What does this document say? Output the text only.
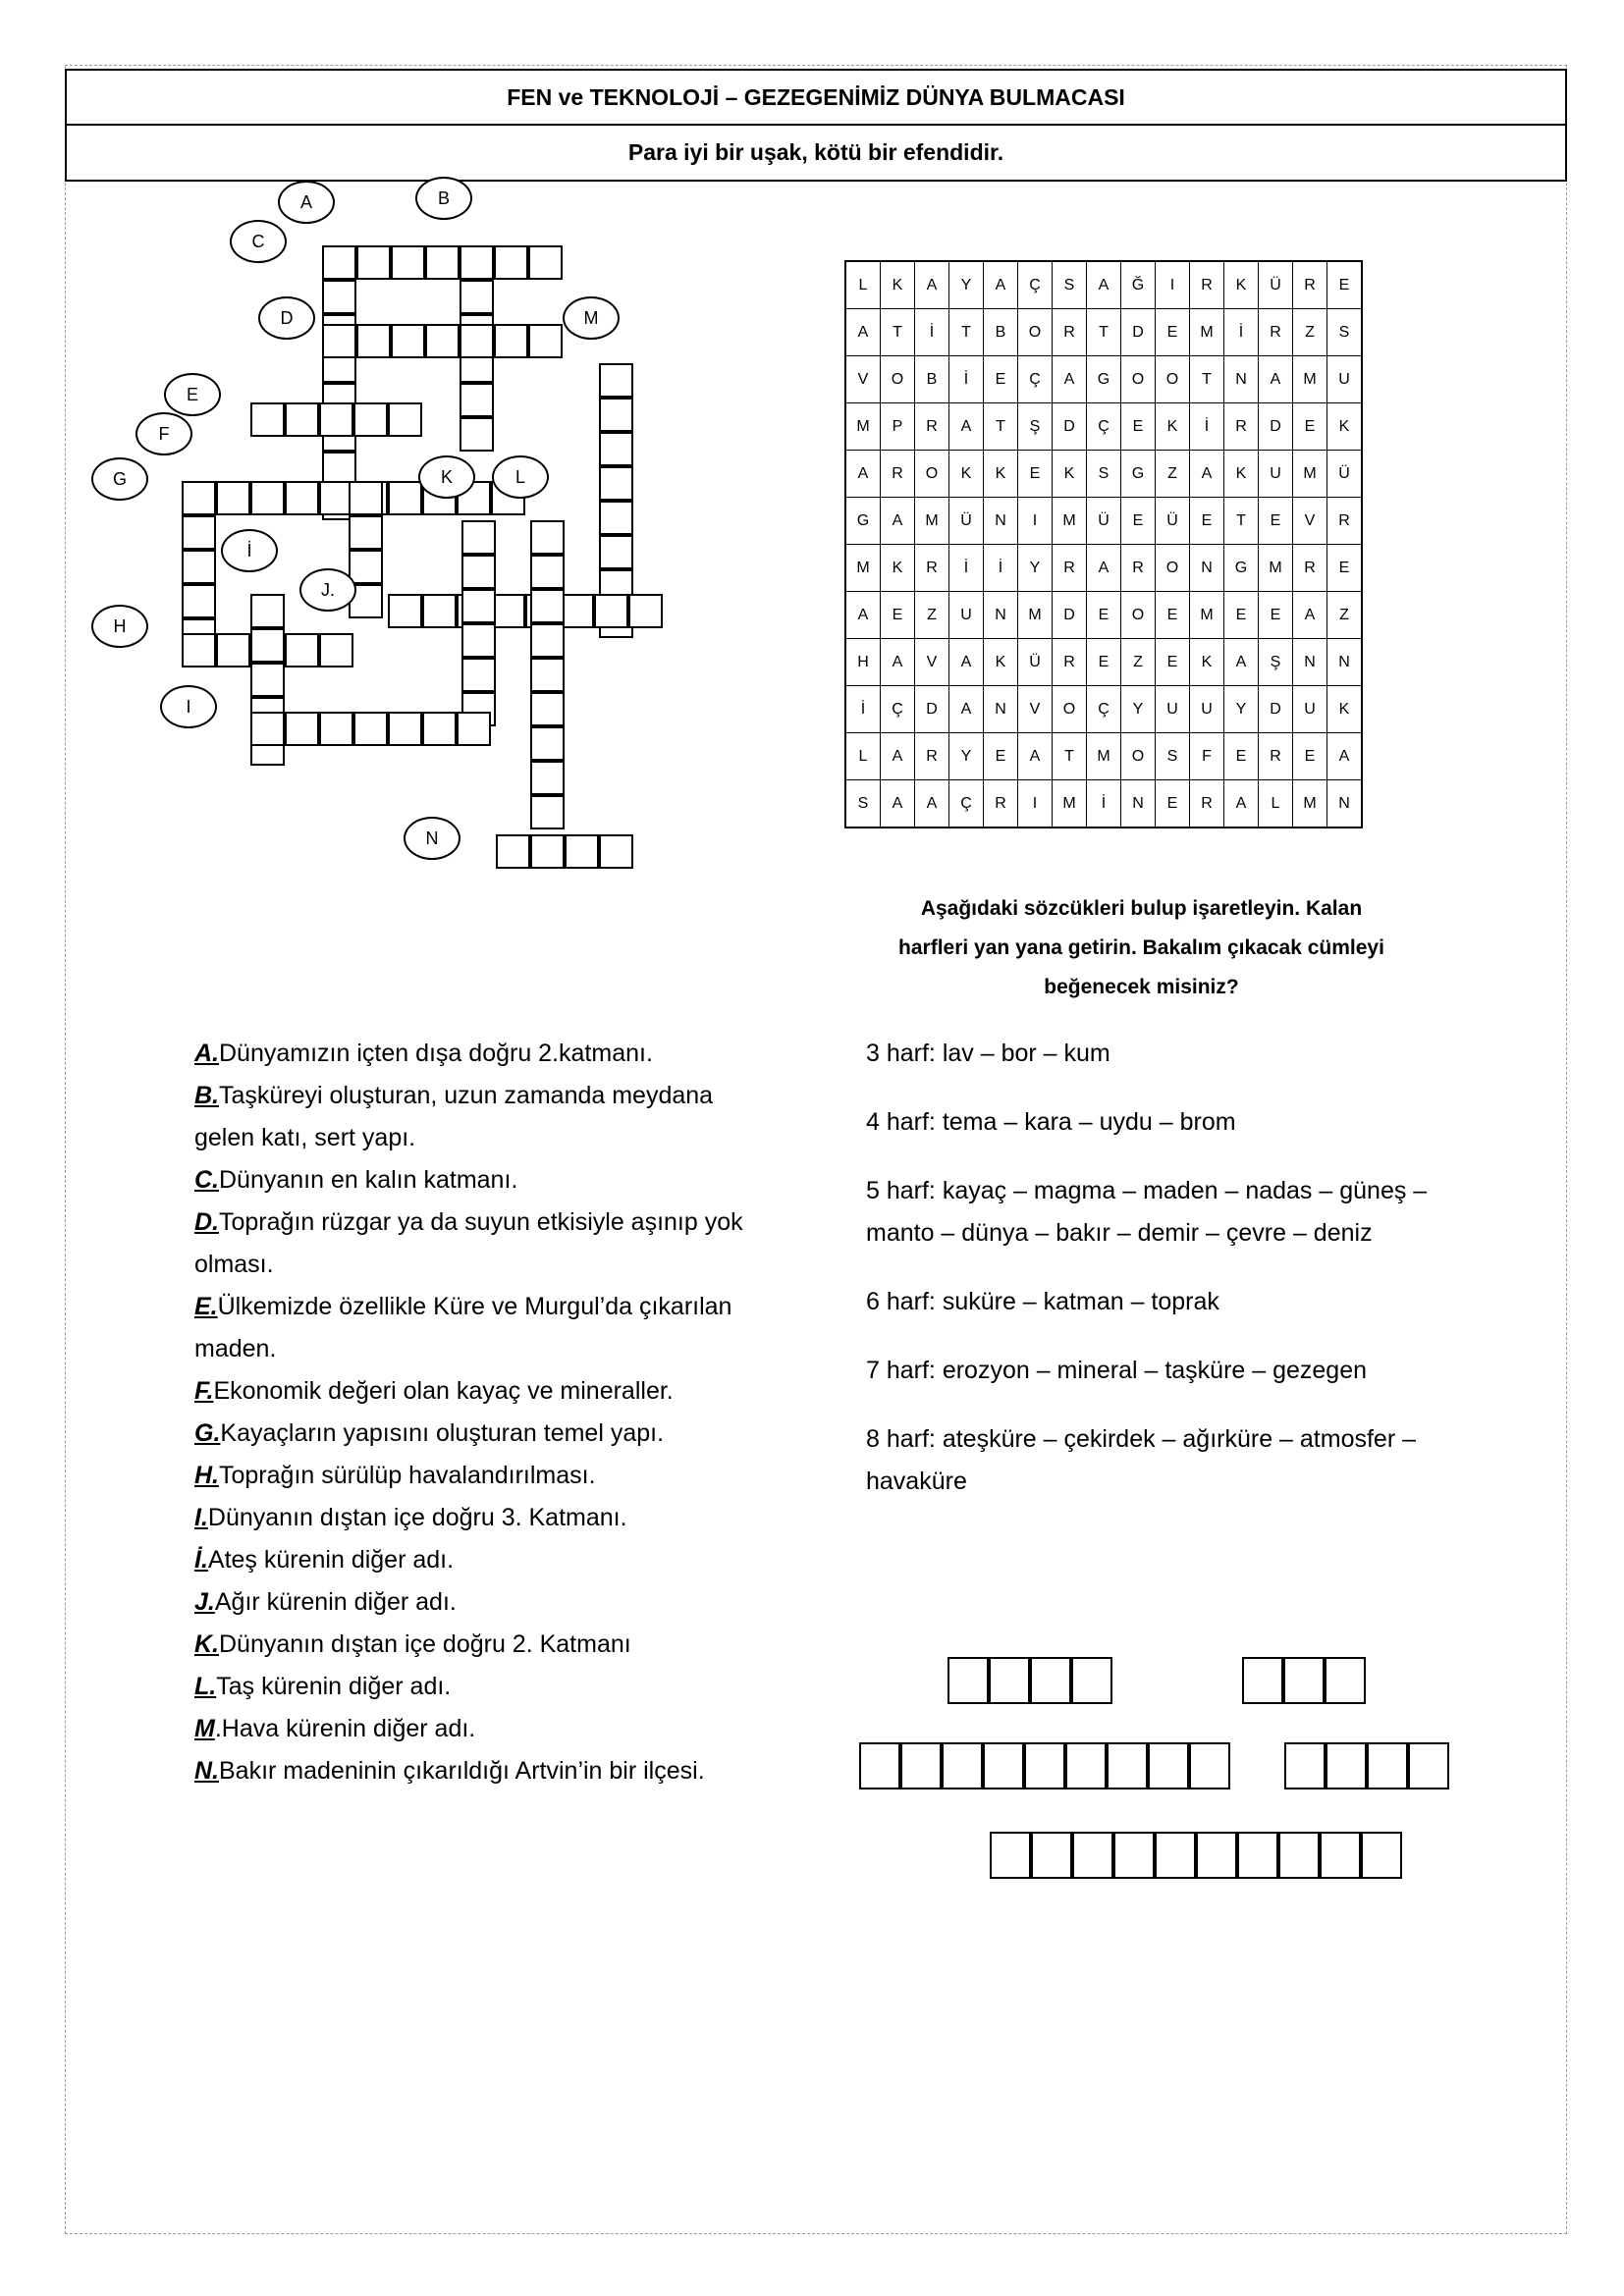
FEN ve TEKNOLOJİ – GEZEGENİMİZ DÜNYA BULMACASI
Para iyi bir uşak, kötü bir efendidir.
A	B
C
D	M
E
F
G	K	L
İ
J.
H
I
N
L	K	A	Y	A	Ç	S	A	Ğ	I	R	K	Ü	R	E
A	T	İ	T	B	O	R	T	D	E	M	İ	R	Z	S
V	O	B	İ	E	Ç	A	G	O	O	T	N	A	M	U
M	P	R	A	T	Ş	D	Ç	E	K	İ	R	D	E	K
A	R	O	K	K	E	K	S	G	Z	A	K	U	M	Ü
G	A	M	Ü	N	I	M	Ü	E	Ü	E	T	E	V	R
M	K	R	İ	İ	Y	R	A	R	O	N	G	M	R	E
A	E	Z	U	N	M	D	E	O	E	M	E	E	A	Z
H	A	V	A	K	Ü	R	E	Z	E	K	A	Ş	N	N
İ	Ç	D	A	N	V	O	Ç	Y	U	U	Y	D	U	K
L	A	R	Y	E	A	T	M	O	S	F	E	R	E	A
S	A	A	Ç	R	I	M	İ	N	E	R	A	L	M	N
Aşağıdaki sözcükleri bulup işaretleyin. Kalan
harfleri yan yana getirin. Bakalım çıkacak cümleyi
beğenecek misiniz?
A.Dünyamızın içten dışa doğru 2.katmanı.
B.Taşküreyi oluşturan, uzun zamanda meydana gelen katı, sert yapı.
C.Dünyanın en kalın katmanı.
D.Toprağın rüzgar ya da suyun etkisiyle aşınıp yok olması.
E.Ülkemizde özellikle Küre ve Murgul’da çıkarılan maden.
F.Ekonomik değeri olan kayaç ve mineraller.
G.Kayaçların yapısını oluşturan temel yapı.
H.Toprağın sürülüp havalandırılması.
I.Dünyanın dıştan içe doğru 3. Katmanı.
İ.Ateş kürenin diğer adı.
J.Ağır kürenin diğer adı.
K.Dünyanın dıştan içe doğru 2. Katmanı
L.Taş kürenin diğer adı.
M.Hava kürenin diğer adı.
N.Bakır madeninin çıkarıldığı Artvin’in bir ilçesi.

3 harf: lav – bor – kum

4 harf: tema – kara – uydu – brom

5 harf: kayaç – magma – maden – nadas – güneş – manto – dünya – bakır – demir – çevre – deniz

6 harf: suküre – katman – toprak

7 harf: erozyon – mineral – taşküre – gezegen

8 harf: ateşküre – çekirdek – ağırküre – atmosfer – havaküre
